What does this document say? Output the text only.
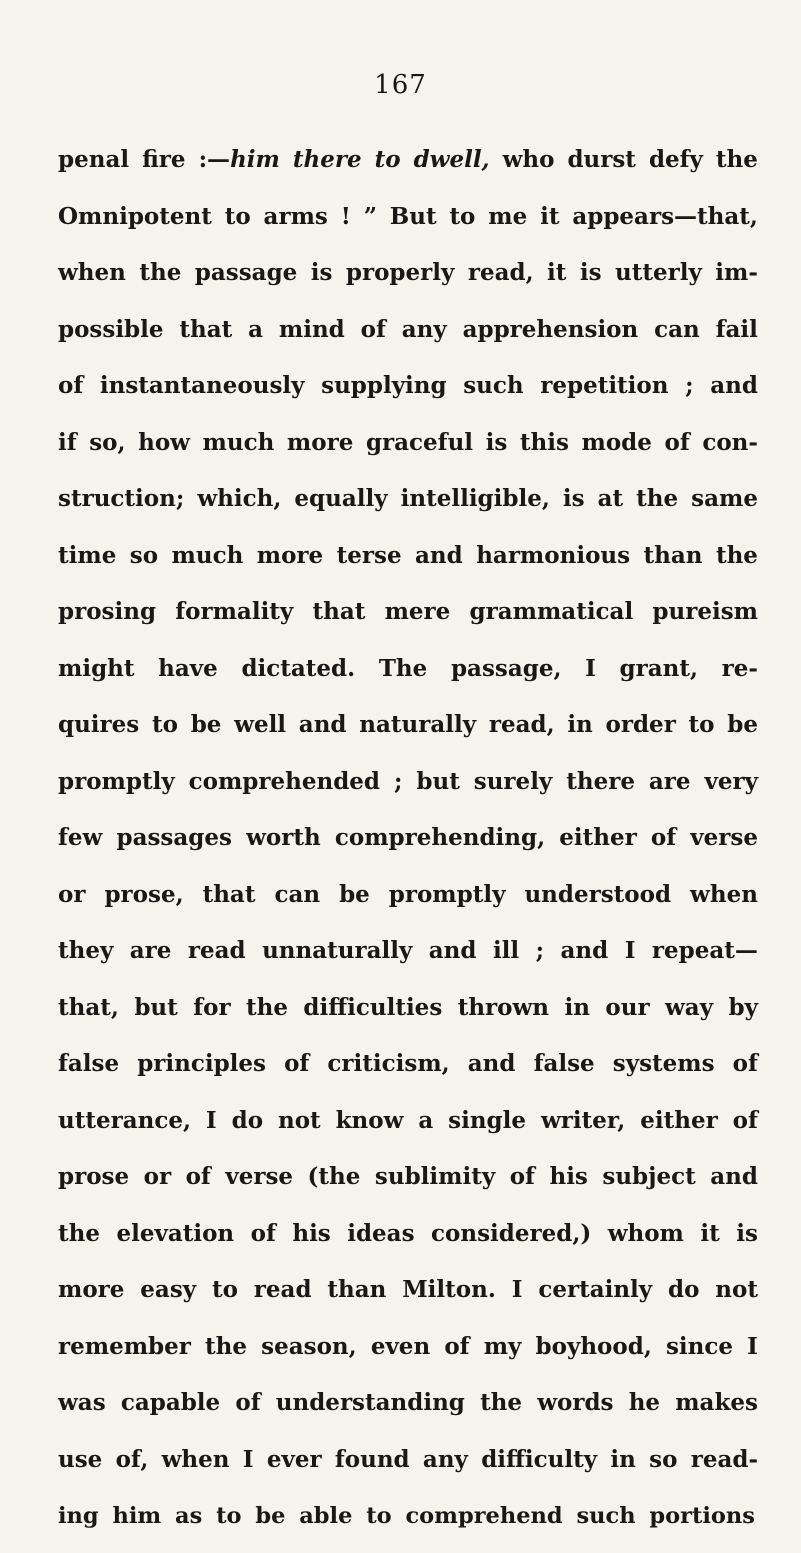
167
penal fire :—him there to dwell, who durst defy the
Omnipotent to arms ! ” But to me it appears—that,
when the passage is properly read, it is utterly im-
possible that a mind of any apprehension can fail
of instantaneously supplying such repetition ; and
if so, how much more graceful is this mode of con-
struction; which, equally intelligible, is at the same
time so much more terse and harmonious than the
prosing formality that mere grammatical pureism
might have dictated. The passage, I grant, re-
quires to be well and naturally read, in order to be
promptly comprehended ; but surely there are very
few passages worth comprehending, either of verse
or prose, that can be promptly understood when
they are read unnaturally and ill ; and I repeat—
that, but for the difficulties thrown in our way by
false principles of criticism, and false systems of
utterance, I do not know a single writer, either of
prose or of verse (the sublimity of his subject and
the elevation of his ideas considered,) whom it is
more easy to read than Milton. I certainly do not
remember the season, even of my boyhood, since I
was capable of understanding the words he makes
use of, when I ever found any difficulty in so read-
ing him as to be able to comprehend such portions
